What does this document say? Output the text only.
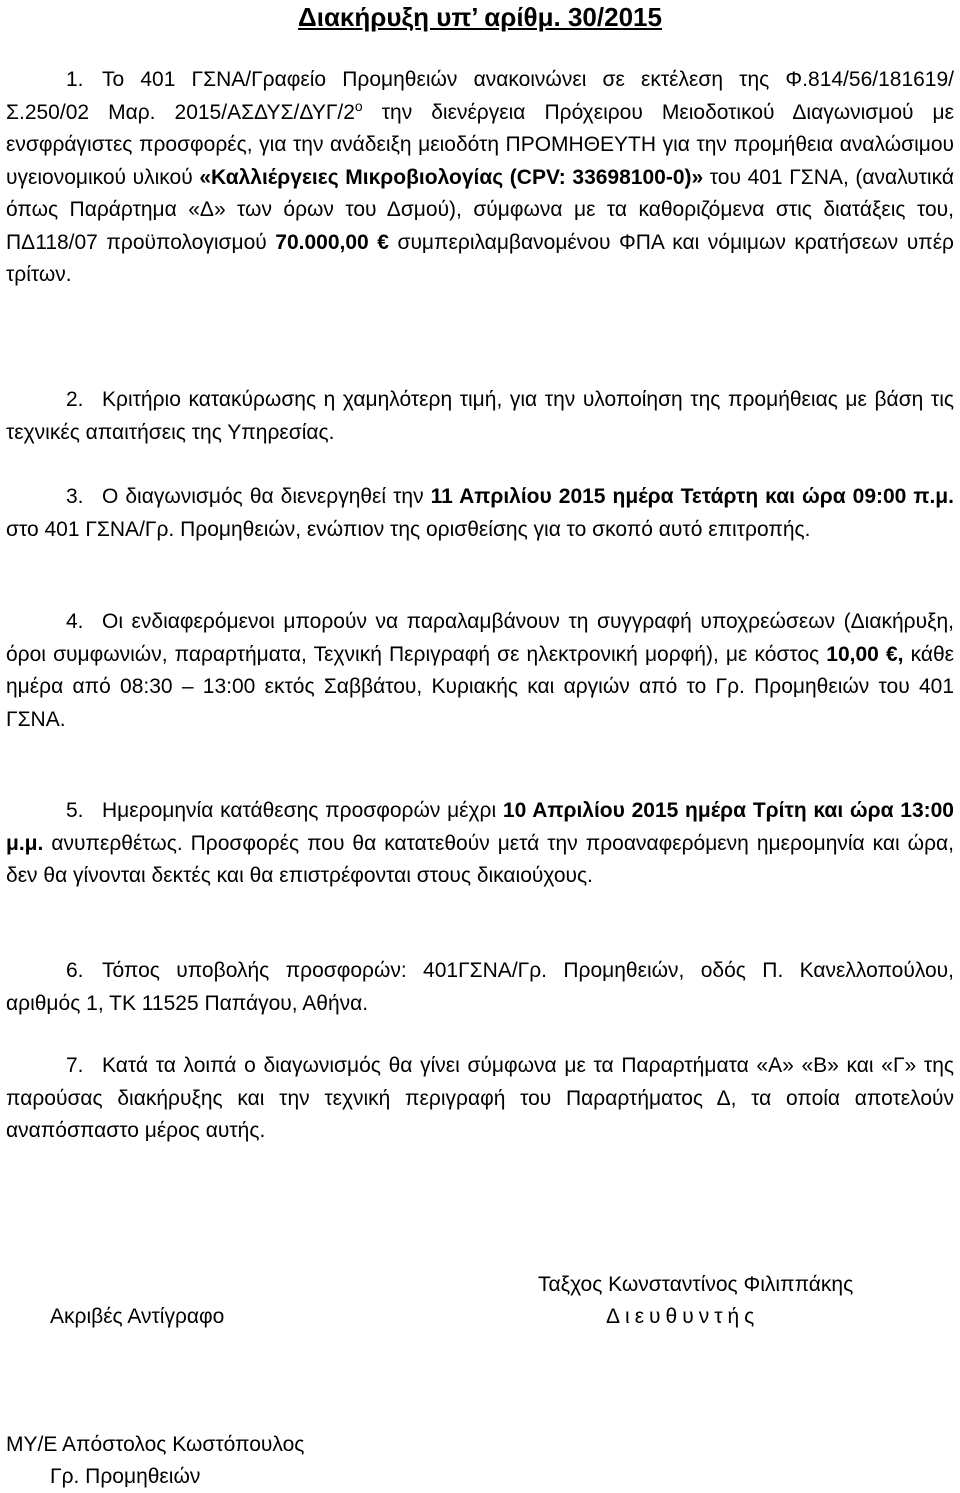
Διακήρυξη υπ’ αρίθμ. 30/2015

1. Το 401 ΓΣΝΑ/Γραφείο Προμηθειών ανακοινώνει σε εκτέλεση της Φ.814/56/181619/Σ.250/02 Μαρ. $2015/A\Sigma\Delta\Upsilon\Sigma/\Delta\Upsilon\Gamma/2^o$ την διενέργεια Πρόχειρου Μειοδοτικού Διαγωνισμού με ενσφράγιστες προσφορές, για την ανάδειξη μειοδότη ΠΡΟΜΗΘΕΥΤΗ για την προμήθεια αναλώσιμου υγειονομικού υλικού «Καλλιέργειες Μικροβιολογίας (CPV: 33698100-0)» του 401 ΓΣΝΑ, (αναλυτικά όπως Παράρτημα «Δ» των όρων του Δσμού), σύμφωνα με τα καθοριζόμενα στις διατάξεις του, ΠΔ118/07 προϋπολογισμού 70.000,00 € συμπεριλαμβανομένου ΦΠΑ και νόμιμων κρατήσεων υπέρ τρίτων.

2. Κριτήριο κατακύρωσης η χαμηλότερη τιμή, για την υλοποίηση της προμήθειας με βάση τις τεχνικές απαιτήσεις της Υπηρεσίας.

3. Ο διαγωνισμός θα διενεργηθεί την 11 Απριλίου 2015 ημέρα Τετάρτη και ώρα 09:00 π.μ. στο 401 ΓΣΝΑ/Γρ. Προμηθειών, ενώπιον της ορισθείσης για το σκοπό αυτό επιτροπής.

4. Οι ενδιαφερόμενοι μπορούν να παραλαμβάνουν τη συγγραφή υποχρεώσεων (Διακήρυξη, όροι συμφωνιών, παραρτήματα, Τεχνική Περιγραφή σε ηλεκτρονική μορφή), με κόστος 10,00 €, κάθε ημέρα από 08:30 – 13:00 εκτός Σαββάτου, Κυριακής και αργιών από το Γρ. Προμηθειών του 401 ΓΣΝΑ.

5. Ημερομηνία κατάθεσης προσφορών μέχρι 10 Απριλίου 2015 ημέρα Τρίτη και ώρα 13:00 μ.μ. ανυπερθέτως. Προσφορές που θα κατατεθούν μετά την προαναφερόμενη ημερομηνία και ώρα, δεν θα γίνονται δεκτές και θα επιστρέφονται στους δικαιούχους.

6. Τόπος υποβολής προσφορών: 401ΓΣΝΑ/Γρ. Προμηθειών, οδός Π. Κανελλοπούλου, αριθμός 1, ΤΚ 11525 Παπάγου, Αθήνα.

7. Κατά τα λοιπά ο διαγωνισμός θα γίνει σύμφωνα με τα Παραρτήματα «Α» «Β» και «Γ» της παρούσας διακήρυξης και την τεχνική περιγραφή του Παραρτήματος Δ, τα οποία αποτελούν αναπόσπαστο μέρος αυτής.

Ταξχος Κωνσταντίνος Φιλιππάκης

Ακριβές Αντίγραφο	Διευθυντής

ΜΥ/Ε Απόστολος Κωστόπουλος

Γρ. Προμηθειών
